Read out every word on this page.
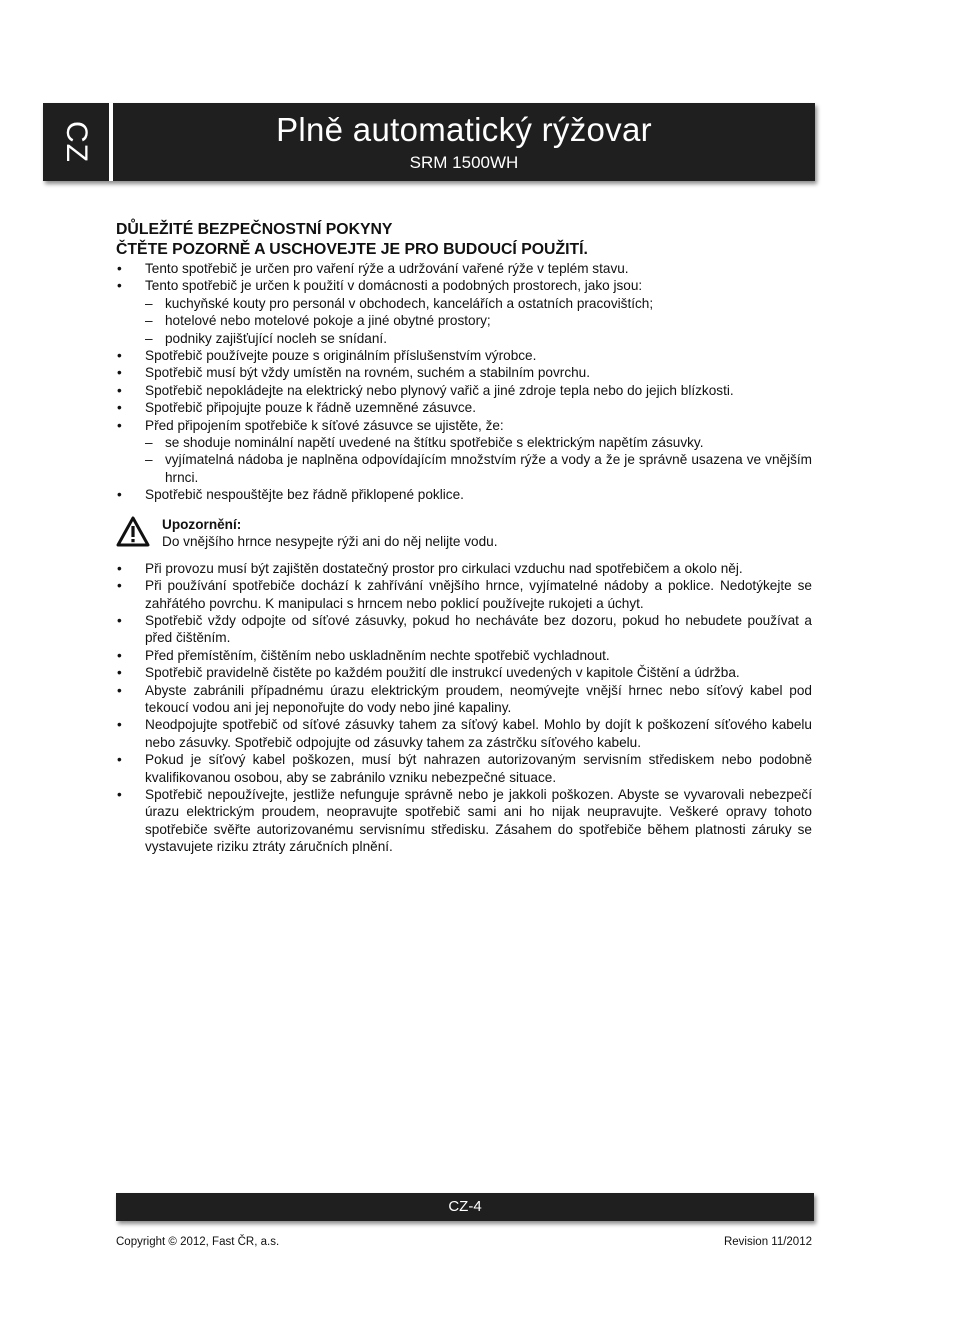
CZ	Plně automatický rýžovar
SRM 1500WH

DŮLEŽITÉ BEZPEČNOSTNÍ POKYNY

ČTĚTE POZORNĚ A USCHOVEJTE JE PRO BUDOUCÍ POUŽITÍ.

• Tento spotřebič je určen pro vaření rýže a udržování vařené rýže v teplém stavu.
• Tento spotřebič je určen k použití v domácnosti a podobných prostorech, jako jsou:
– kuchyňské kouty pro personál v obchodech, kancelářích a ostatních pracovištích;
– hotelové nebo motelové pokoje a jiné obytné prostory;
– podniky zajišťující nocleh se snídaní.
• Spotřebič používejte pouze s originálním příslušenstvím výrobce.
• Spotřebič musí být vždy umístěn na rovném, suchém a stabilním povrchu.
• Spotřebič nepokládejte na elektrický nebo plynový vařič a jiné zdroje tepla nebo do jejich blízkosti.
• Spotřebič připojujte pouze k řádně uzemněné zásuvce.
• Před připojením spotřebiče k síťové zásuvce se ujistěte, že:
– se shoduje nominální napětí uvedené na štítku spotřebiče s elektrickým napětím zásuvky.
– vyjímatelná nádoba je naplněna odpovídajícím množstvím rýže a vody a že je správně usazena ve vnějším hrnci.
• Spotřebič nespouštějte bez řádně přiklopené poklice.
Upozornění:
Do vnějšího hrnce nesypejte rýži ani do něj nelijte vodu.
• Při provozu musí být zajištěn dostatečný prostor pro cirkulaci vzduchu nad spotřebičem a okolo něj.
• Při používání spotřebiče dochází k zahřívání vnějšího hrnce, vyjímatelné nádoby a poklice. Nedotýkejte se zahřátého povrchu. K manipulaci s hrncem nebo poklicí používejte rukojeti a úchyt.
• Spotřebič vždy odpojte od síťové zásuvky, pokud ho necháváte bez dozoru, pokud ho nebudete používat a před čištěním.
• Před přemístěním, čištěním nebo uskladněním nechte spotřebič vychladnout.
• Spotřebič pravidelně čistěte po každém použití dle instrukcí uvedených v kapitole Čištění a údržba.
• Abyste zabránili případnému úrazu elektrickým proudem, neomývejte vnější hrnec nebo síťový kabel pod tekoucí vodou ani jej neponořujte do vody nebo jiné kapaliny.
• Neodpojujte spotřebič od síťové zásuvky tahem za síťový kabel. Mohlo by dojít k poškození síťového kabelu nebo zásuvky. Spotřebič odpojujte od zásuvky tahem za zástrčku síťového kabelu.
• Pokud je síťový kabel poškozen, musí být nahrazen autorizovaným servisním střediskem nebo podobně kvalifikovanou osobou, aby se zabránilo vzniku nebezpečné situace.
• Spotřebič nepoužívejte, jestliže nefunguje správně nebo je jakkoli poškozen. Abyste se vyvarovali nebezpečí úrazu elektrickým proudem, neopravujte spotřebič sami ani ho nijak neupravujte. Veškeré opravy tohoto spotřebiče svěřte autorizovanému servisnímu středisku. Zásahem do spotřebiče během platnosti záruky se vystavujete riziku ztráty záručních plnění.
CZ-4
Copyright © 2012, Fast ČR, a.s.	Revision 11/2012
